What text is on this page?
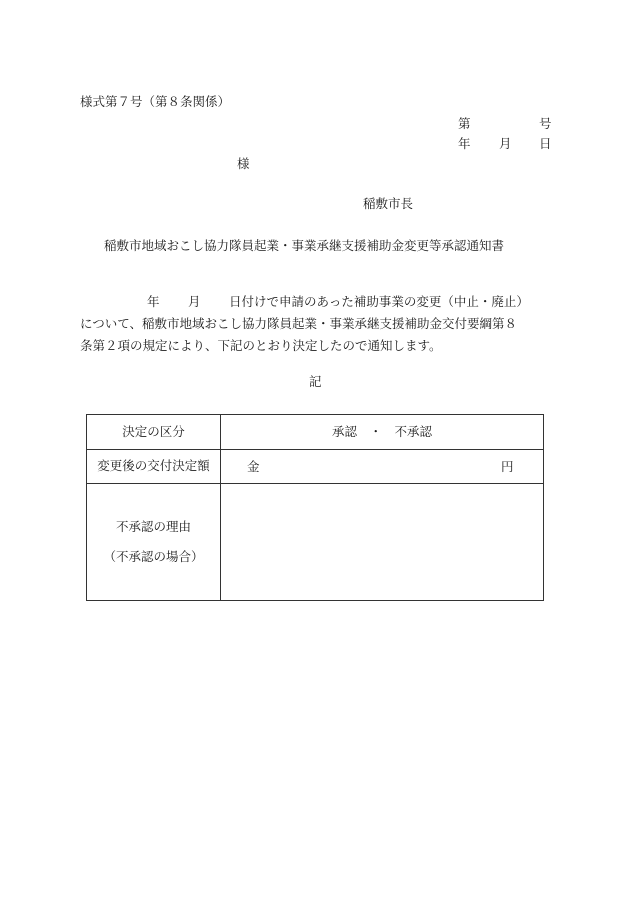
様式第７号（第８条関係）
第	号
年 月 日
様
稲敷市長
稲敷市地域おこし協力隊員起業・事業承継支援補助金変更等承認通知書
年 月 日付けで申請のあった補助事業の変更（中止・廃止）
について、稲敷市地域おこし協力隊員起業・事業承継支援補助金交付要綱第８
条第２項の規定により、下記のとおり決定したので通知します。
記
決定の区分	承認　・　不承認
変更後の交付決定額	金 円

不承認の理由
（不承認の場合）	
